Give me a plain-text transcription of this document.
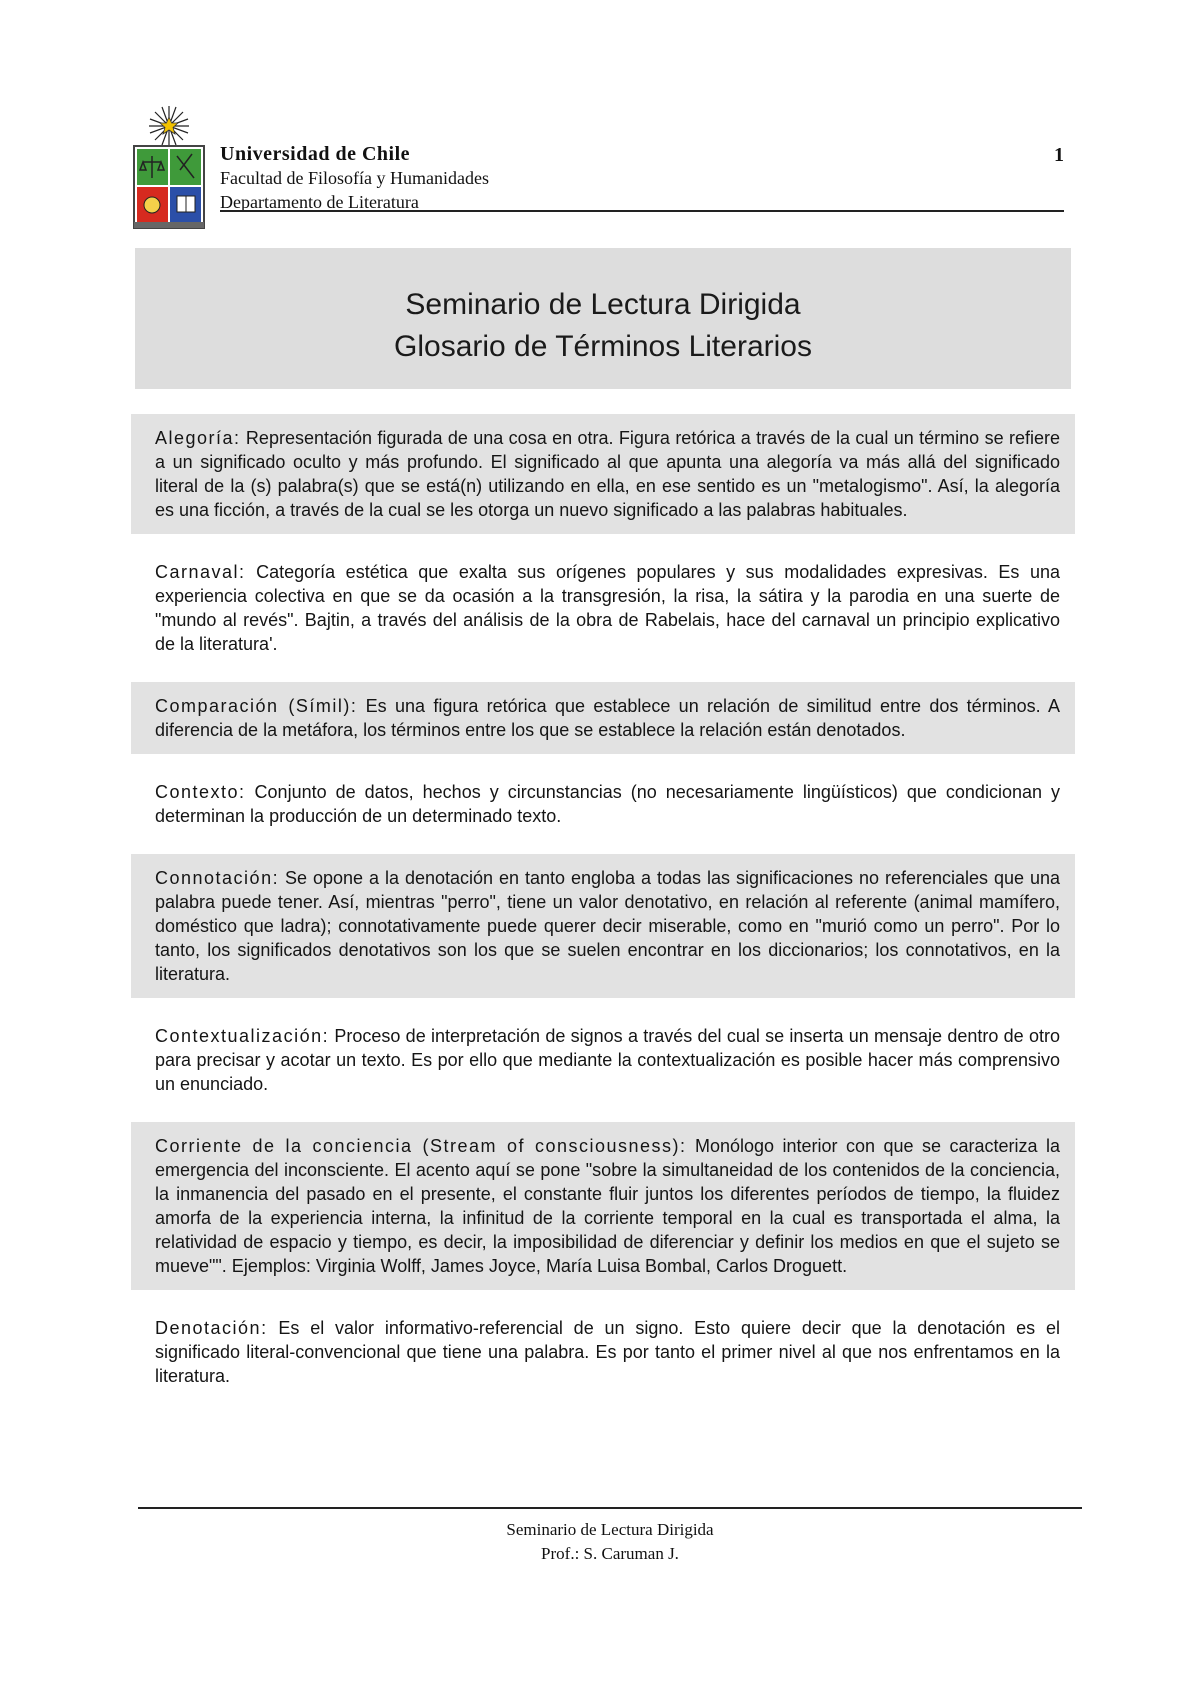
Universidad de Chile
Facultad de Filosofía y Humanidades
Departamento de Literatura
1
Seminario de Lectura Dirigida
Glosario de Términos Literarios
Alegoría: Representación figurada de una cosa en otra. Figura retórica a través de la cual un término se refiere a un significado oculto y más profundo. El significado al que apunta una alegoría va más allá del significado literal de la (s) palabra(s) que se está(n) utilizando en ella, en ese sentido es un "metalogismo". Así, la alegoría es una ficción, a través de la cual se les otorga un nuevo significado a las palabras habituales.
Carnaval: Categoría estética que exalta sus orígenes populares y sus modalidades expresivas. Es una experiencia colectiva en que se da ocasión a la transgresión, la risa, la sátira y la parodia en una suerte de "mundo al revés". Bajtin, a través del análisis de la obra de Rabelais, hace del carnaval un principio explicativo de la literatura'.
Comparación (Símil): Es una figura retórica que establece un relación de similitud entre dos términos. A diferencia de la metáfora, los términos entre los que se establece la relación están denotados.
Contexto: Conjunto de datos, hechos y circunstancias (no necesariamente lingüísticos) que condicionan y determinan la producción de un determinado texto.
Connotación: Se opone a la denotación en tanto engloba a todas las significaciones no referenciales que una palabra puede tener. Así, mientras "perro", tiene un valor denotativo, en relación al referente (animal mamífero, doméstico que ladra); connotativamente puede querer decir miserable, como en "murió como un perro". Por lo tanto, los significados denotativos son los que se suelen encontrar en los diccionarios; los connotativos, en la literatura.
Contextualización: Proceso de interpretación de signos a través del cual se inserta un mensaje dentro de otro para precisar y acotar un texto. Es por ello que mediante la contextualización es posible hacer más comprensivo un enunciado.
Corriente de la conciencia (Stream of consciousness): Monólogo interior con que se caracteriza la emergencia del inconsciente. El acento aquí se pone "sobre la simultaneidad de los contenidos de la conciencia, la inmanencia del pasado en el presente, el constante fluir juntos los diferentes períodos de tiempo, la fluidez amorfa de la experiencia interna, la infinitud de la corriente temporal en la cual es transportada el alma, la relatividad de espacio y tiempo, es decir, la imposibilidad de diferenciar y definir los medios en que el sujeto se mueve"". Ejemplos: Virginia Wolff, James Joyce, María Luisa Bombal, Carlos Droguett.
Denotación: Es el valor informativo-referencial de un signo. Esto quiere decir que la denotación es el significado literal-convencional que tiene una palabra. Es por tanto el primer nivel al que nos enfrentamos en la literatura.
Seminario de Lectura Dirigida
Prof.: S. Caruman J.
